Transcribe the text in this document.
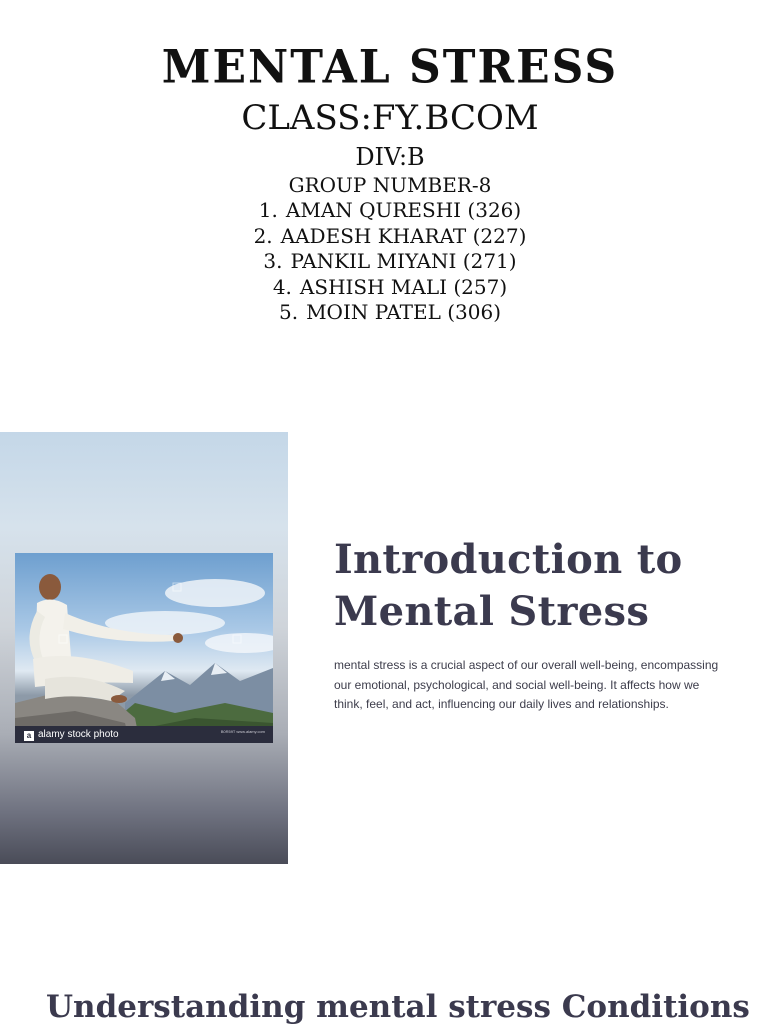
MENTAL STRESS
CLASS:FY.BCOM
DIV:B
GROUP NUMBER-8
1. AMAN QURESHI (326)
2. AADESH KHARAT (227)
3. PANKIL MIYANI (271)
4. ASHISH MALI (257)
5. MOIN PATEL (306)
a alamy stock photo	B0R59T www.alamy.com
Introduction to Mental Stress

mental stress is a crucial aspect of our overall well-being, encompassing our emotional, psychological, and social well-being. It affects how we think, feel, and act, influencing our daily lives and relationships.

Understanding mental stress Conditions
